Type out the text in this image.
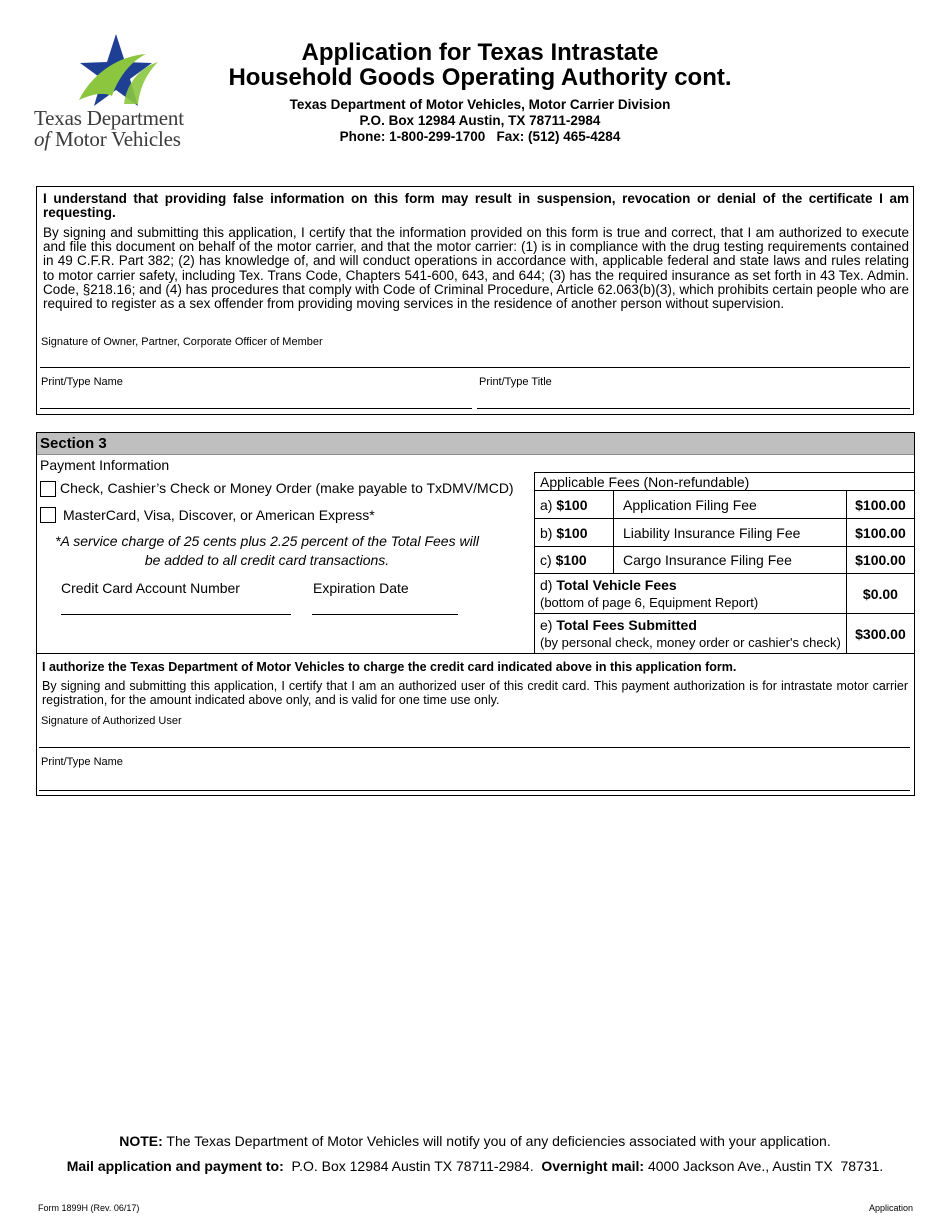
Texas Department
of Motor Vehicles
Application for Texas Intrastate
Household Goods Operating Authority cont.
Texas Department of Motor Vehicles, Motor Carrier Division
P.O. Box 12984 Austin, TX 78711-2984
Phone: 1-800-299-1700   Fax: (512) 465-4284
I understand that providing false information on this form may result in suspension, revocation or denial of the certificate I am requesting.
By signing and submitting this application, I certify that the information provided on this form is true and correct, that I am authorized to execute and file this document on behalf of the motor carrier, and that the motor carrier: (1) is in compliance with the drug testing requirements contained in 49 C.F.R. Part 382; (2) has knowledge of, and will conduct operations in accordance with, applicable federal and state laws and rules relating to motor carrier safety, including Tex. Trans Code, Chapters 541-600, 643, and 644; (3) has the required insurance as set forth in 43 Tex. Admin. Code, §218.16; and (4) has procedures that comply with Code of Criminal Procedure, Article 62.063(b)(3), which prohibits certain people who are required to register as a sex offender from providing moving services in the residence of another person without supervision.
Signature of Owner, Partner, Corporate Officer of Member
Print/Type Name	Print/Type Title
Section 3
Payment Information
Check, Cashier’s Check or Money Order (make payable to TxDMV/MCD)
MasterCard, Visa, Discover, or American Express*
*A service charge of 25 cents plus 2.25 percent of the Total Fees will
be added to all credit card transactions.
Credit Card Account Number	Expiration Date
Applicable Fees (Non-refundable)		
a) $100	Application Filing Fee	$100.00
b) $100	Liability Insurance Filing Fee	$100.00
c) $100	Cargo Insurance Filing Fee	$100.00

d) Total Vehicle Fees
(bottom of page 6, Equipment Report)		$0.00

e) Total Fees Submitted
(by personal check, money order or cashier's check)		$300.00
I authorize the Texas Department of Motor Vehicles to charge the credit card indicated above in this application form.
By signing and submitting this application, I certify that I am an authorized user of this credit card. This payment authorization is for intrastate motor carrier registration, for the amount indicated above only, and is valid for one time use only.
Signature of Authorized User
Print/Type Name
NOTE: The Texas Department of Motor Vehicles will notify you of any deficiencies associated with your application.
Mail application and payment to:  P.O. Box 12984 Austin TX 78711-2984.  Overnight mail: 4000 Jackson Ave., Austin TX  78731.
Form 1899H (Rev. 06/17)	Application
